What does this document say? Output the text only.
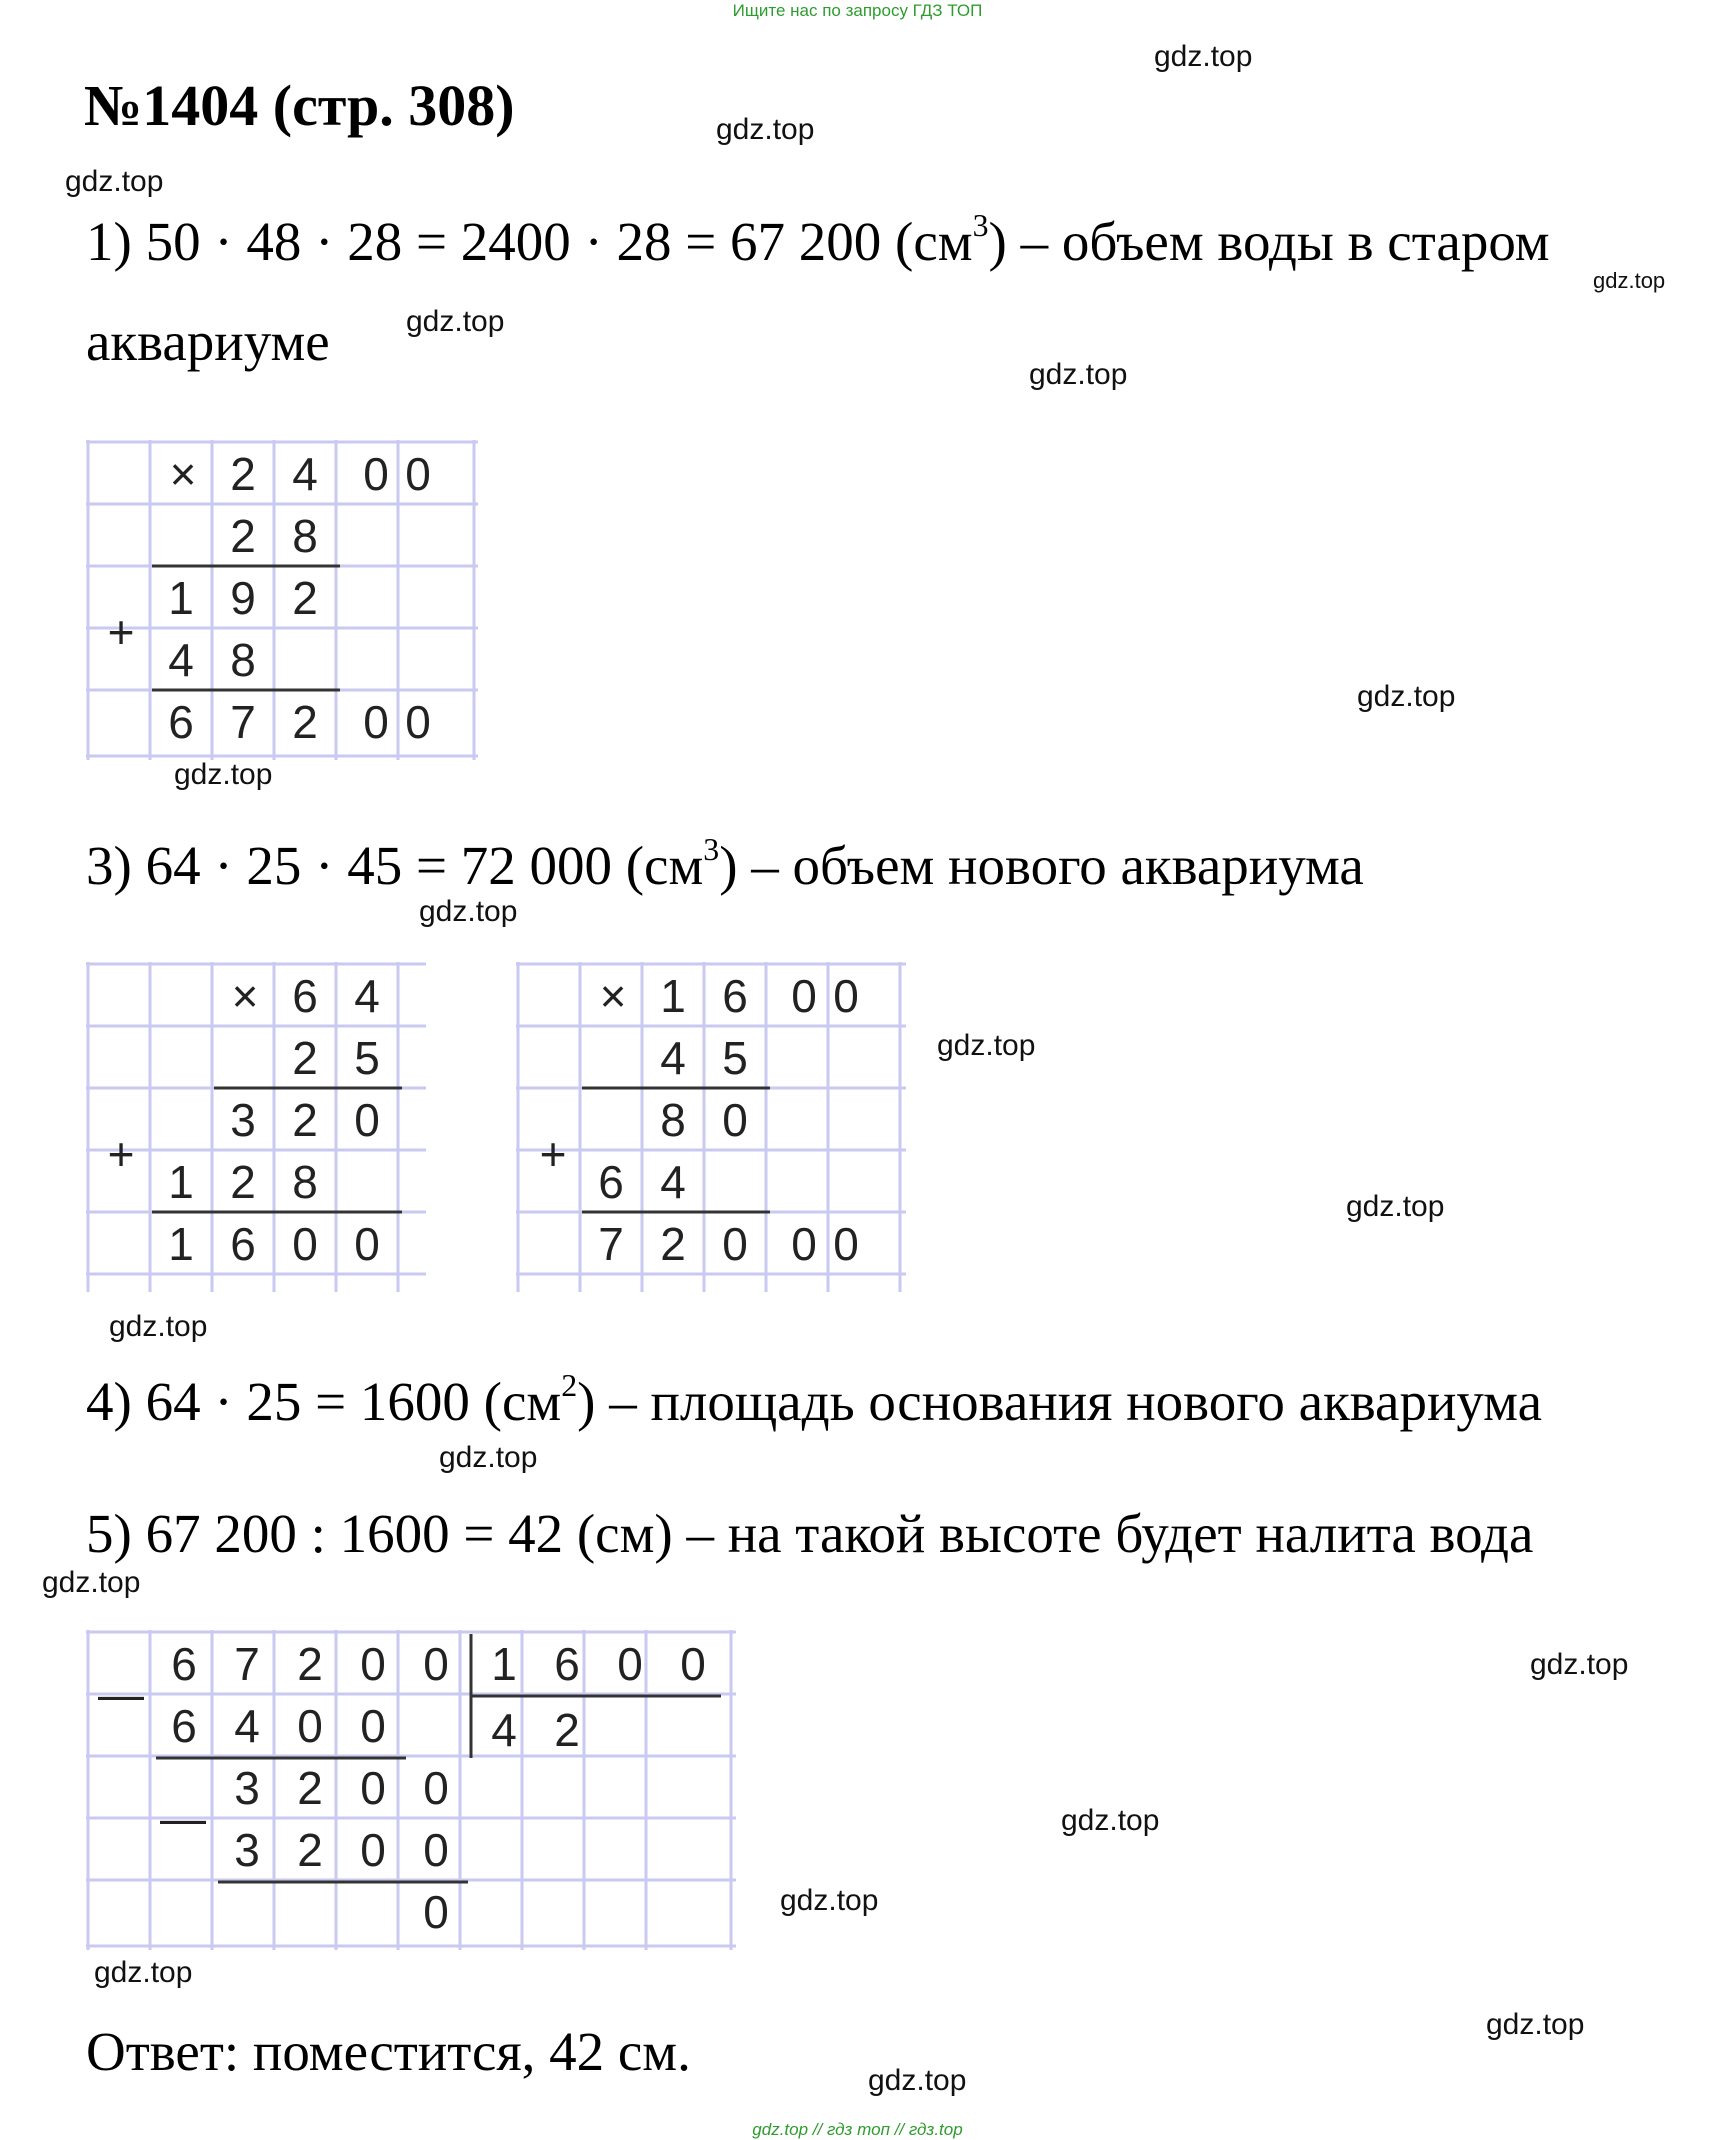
Ищите нас по запросу ГДЗ ТОП
№1404 (стр. 308)
1) 50 · 48 · 28 = 2400 · 28 = 67 200 $(см^3)$ – объем воды в старом
аквариуме
×
+
2 4 0 0
2 8
1 9 2
4 8
6 7 2 0 0
3) 64 · 25 · 45 = 72 000 $(см^3)$ – объем нового аквариума
×
+
6 4
2 5
3 2 0
1 2 8
1 6 0 0
×
+
1 6 0 0
4 5
8 0
6 4
7 2 0 0 0
4) 64 · 25 = 1600 $(см^2)$ – площадь основания нового аквариума
5) 67 200 : 1600 = 42 (см) – на такой высоте будет налита вода
—
—
6 7 2 0 0 1 6 0 0
6 4 0 0 4 2
3 2 0 0
3 2 0 0
0
Ответ: поместится, 42 см.
gdz.top
gdz.top
gdz.top
gdz.top
gdz.top
gdz.top
gdz.top
gdz.top
gdz.top
gdz.top
gdz.top
gdz.top
gdz.top
gdz.top
gdz.top
gdz.top
gdz.top
gdz.top
gdz.top
gdz.top
gdz.top // гдз топ // гдз.top
